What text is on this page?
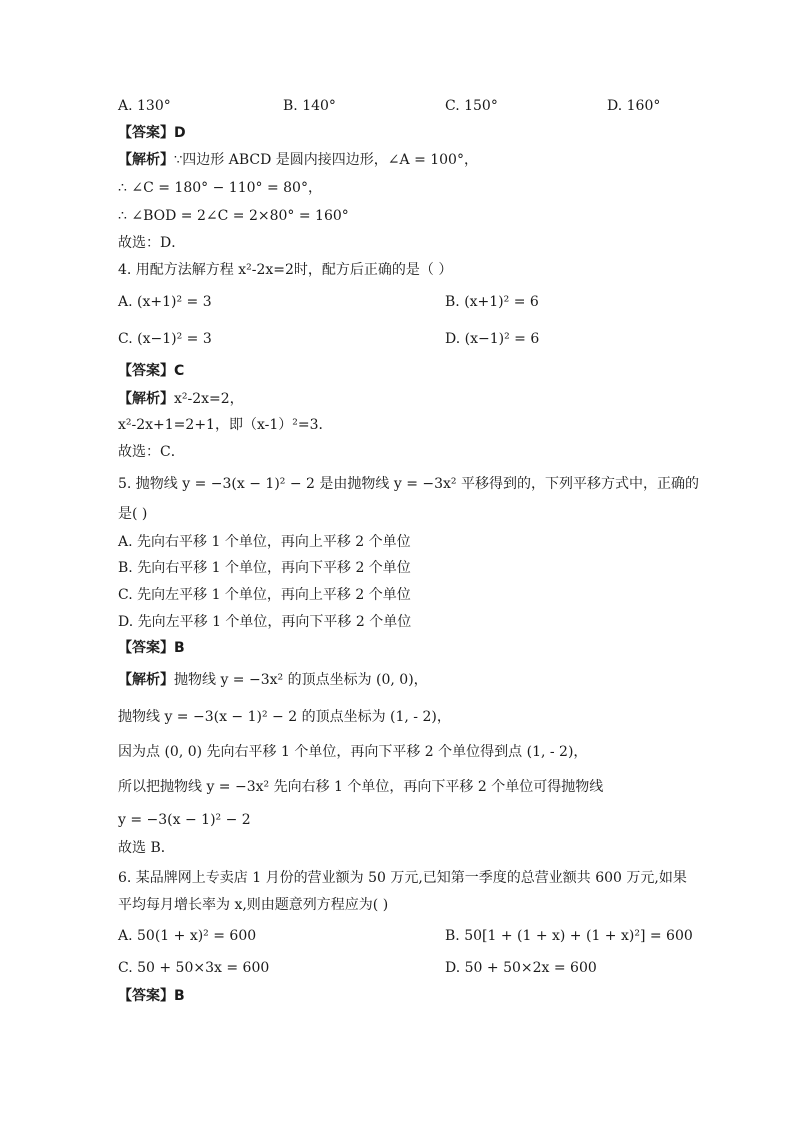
A. 130°	B. 140°	C. 150°	D. 160°
【答案】D
【解析】∵四边形 ABCD 是圆内接四边形，∠A = 100°，
∴ ∠C = 180° − 110° = 80°，
∴ ∠BOD = 2∠C = 2×80° = 160°
故选：D．
4. 用配方法解方程 x²-2x=2时，配方后正确的是（ ）
A. (x+1)² = 3	B. (x+1)² = 6
C. (x−1)² = 3	D. (x−1)² = 6
【答案】C
【解析】x²-2x=2，
x²-2x+1=2+1，即（x-1）²=3．
故选：C．
5. 抛物线 y = −3(x − 1)² − 2 是由抛物线 y = −3x² 平移得到的，下列平移方式中，正确的
是( )
A. 先向右平移 1 个单位，再向上平移 2 个单位
B. 先向右平移 1 个单位，再向下平移 2 个单位
C. 先向左平移 1 个单位，再向上平移 2 个单位
D. 先向左平移 1 个单位，再向下平移 2 个单位
【答案】B
【解析】抛物线 y = −3x² 的顶点坐标为 (0, 0)，
抛物线 y = −3(x − 1)² − 2 的顶点坐标为 (1, - 2)，
因为点 (0, 0) 先向右平移 1 个单位，再向下平移 2 个单位得到点 (1, - 2)，
所以把抛物线 y = −3x² 先向右移 1 个单位，再向下平移 2 个单位可得抛物线
y = −3(x − 1)² − 2
故选 B．
6. 某品牌网上专卖店 1 月份的营业额为 50 万元,已知第一季度的总营业额共 600 万元,如果
平均每月增长率为 x,则由题意列方程应为( )
A. 50(1 + x)² = 600	B. 50[1 + (1 + x) + (1 + x)²] = 600
C. 50 + 50×3x = 600	D. 50 + 50×2x = 600
【答案】B
